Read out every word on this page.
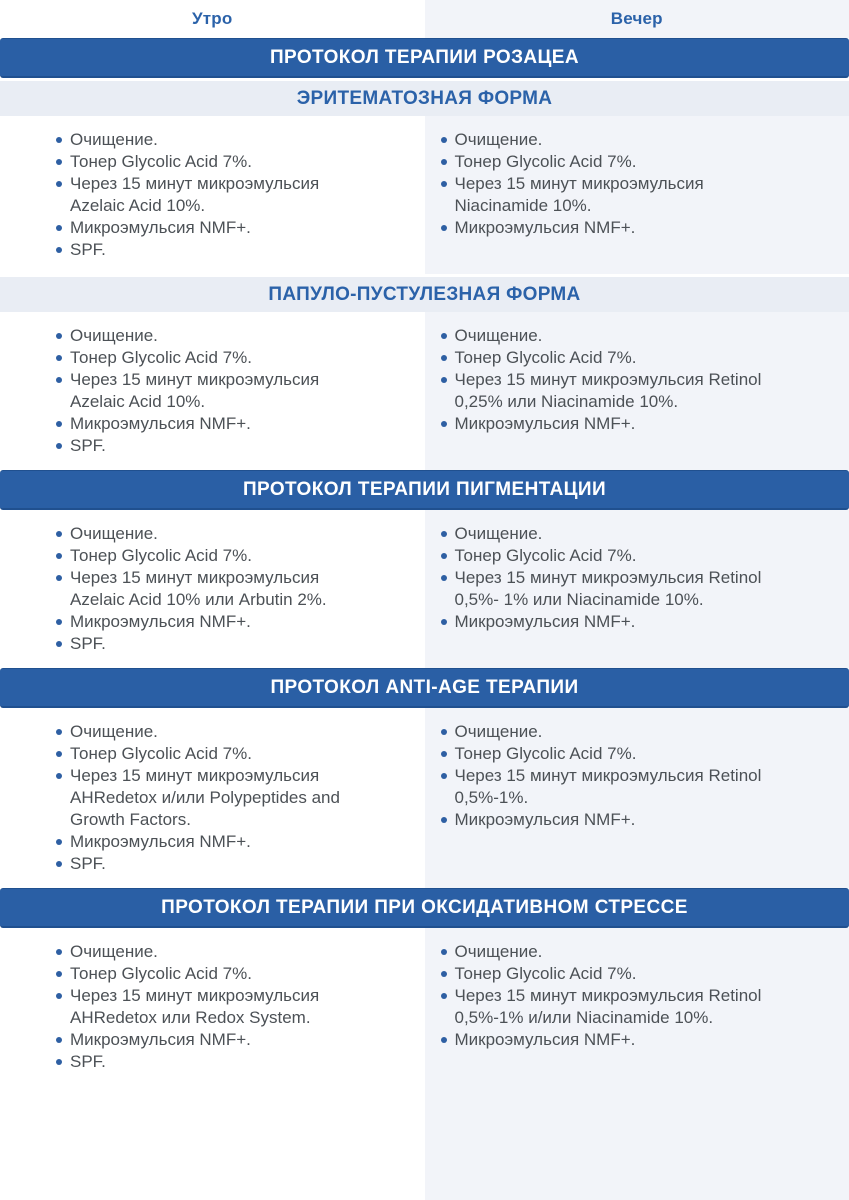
Утро	Вечер
ПРОТОКОЛ ТЕРАПИИ РОЗАЦЕА
ЭРИТЕМАТОЗНАЯ ФОРМА
Очищение.
Тонер Glycolic Acid 7%.
Через 15 минут микроэмульсия Azelaic Acid 10%.
Микроэмульсия NMF+.
SPF.
Очищение.
Тонер Glycolic Acid 7%.
Через 15 минут микроэмульсия Niacinamide 10%.
Микроэмульсия NMF+.
ПАПУЛО-ПУСТУЛЕЗНАЯ ФОРМА
Очищение.
Тонер Glycolic Acid 7%.
Через 15 минут микроэмульсия Azelaic Acid 10%.
Микроэмульсия NMF+.
SPF.
Очищение.
Тонер Glycolic Acid 7%.
Через 15 минут микроэмульсия Retinol 0,25% или Niacinamide 10%.
Микроэмульсия NMF+.
ПРОТОКОЛ ТЕРАПИИ ПИГМЕНТАЦИИ
Очищение.
Тонер Glycolic Acid 7%.
Через 15 минут микроэмульсия Azelaic Acid 10% или Arbutin 2%.
Микроэмульсия NMF+.
SPF.
Очищение.
Тонер Glycolic Acid 7%.
Через 15 минут микроэмульсия Retinol 0,5%- 1% или Niacinamide 10%.
Микроэмульсия NMF+.
ПРОТОКОЛ ANTI-AGE ТЕРАПИИ
Очищение.
Тонер Glycolic Acid 7%.
Через 15 минут микроэмульсия AHRedetox и/или Polypeptides and Growth Factors.
Микроэмульсия NMF+.
SPF.
Очищение.
Тонер Glycolic Acid 7%.
Через 15 минут микроэмульсия Retinol 0,5%-1%.
Микроэмульсия NMF+.
ПРОТОКОЛ ТЕРАПИИ ПРИ ОКСИДАТИВНОМ СТРЕССЕ
Очищение.
Тонер Glycolic Acid 7%.
Через 15 минут микроэмульсия AHRedetox или Redox System.
Микроэмульсия NMF+.
SPF.
Очищение.
Тонер Glycolic Acid 7%.
Через 15 минут микроэмульсия Retinol 0,5%-1% и/или Niacinamide 10%.
Микроэмульсия NMF+.
